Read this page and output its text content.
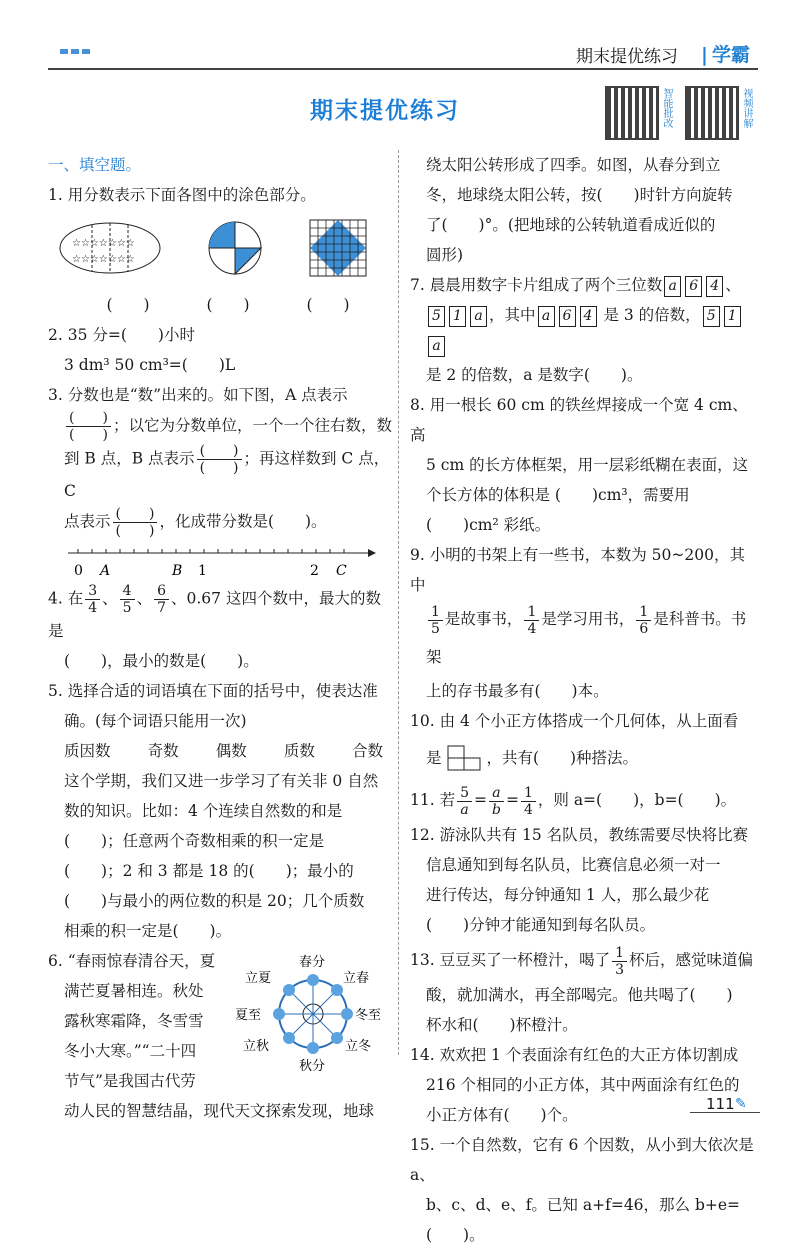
期末提优练习
|	学霸
期末提优练习	智能批改	视频讲解

一、填空题。

1. 用分数表示下面各图中的涂色部分。

☆☆☆☆☆☆☆
☆☆☆☆☆☆☆
(　　)	(　　)	(　　)

2. 35 分=(　　)小时

3 dm³ 50 cm³=(　　)L

3. 分数也是“数”出来的。如下图，A 点表示

$\frac{( )}{( )}$ ；以它为分数单位，一个一个往右数，数

到 B 点，B 点表示 $\frac{( )}{( )}$ ；再这样数到 C 点，C

点表示 $\frac{( )}{( )}$ ，化成带分数是(　　)。

0 A	B 1	2 C

4. 在 $\frac{3}{4}$ 、 $\frac{4}{5}$ 、 $\frac{6}{7}$ 、0.67 这四个数中，最大的数是

(　　)，最小的数是(　　)。

5. 选择合适的词语填在下面的括号中，使表达准

确。(每个词语只能用一次)

质因数 奇数 偶数 质数 合数

这个学期，我们又进一步学习了有关非 0 自然

数的知识。比如：4 个连续自然数的和是

(　　)；任意两个奇数相乘的积一定是

(　　)；2 和 3 都是 18 的(　　)；最小的

(　　)与最小的两位数的积是 20；几个质数

相乘的积一定是(　　)。

6. “春雨惊春清谷天，夏

满芒夏暑相连。秋处

露秋寒霜降，冬雪雪

冬小大寒。”“二十四

节气”是我国古代劳

春分
立春
冬至
立冬
秋分
立秋
夏至
立夏

动人民的智慧结晶，现代天文探索发现，地球

绕太阳公转形成了四季。如图，从春分到立

冬，地球绕太阳公转，按(　　)时针方向旋转

了(　　)°。(把地球的公转轨道看成近似的

圆形)

7. 晨晨用数字卡片组成了两个三位数 a 6 4 、

5 1 a ，其中 a 6 4 是 3 的倍数， 5 1a

是 2 的倍数，a 是数字(　　)。

8. 用一根长 60 cm 的铁丝焊接成一个宽 4 cm、高

5 cm 的长方体框架，用一层彩纸糊在表面，这

个长方体的体积是 (　　)cm³，需要用

(　　)cm² 彩纸。

9. 小明的书架上有一些书，本数为 50~200，其中

$\frac{1}{5}$ 是故事书， $\frac{1}{4}$ 是学习用书， $\frac{1}{6}$ 是科普书。书架

上的存书最多有(　　)本。

10. 由 4 个小正方体搭成一个几何体，从上面看

是	，共有(　　)种搭法。

11. 若 $\frac{5}{a} = \frac{a}{b} = \frac{1}{4}$ ，则 a=(　　)，b=(　　)。

12. 游泳队共有 15 名队员，教练需要尽快将比赛

信息通知到每名队员，比赛信息必须一对一

进行传达，每分钟通知 1 人，那么最少花

(　　)分钟才能通知到每名队员。

13. 豆豆买了一杯橙汁，喝了 $\frac{1}{3}$ 杯后，感觉味道偏

酸，就加满水，再全部喝完。他共喝了(　　)

杯水和(　　)杯橙汁。

14. 欢欢把 1 个表面涂有红色的大正方体切割成

216 个相同的小正方体，其中两面涂有红色的

小正方体有(　　)个。

15. 一个自然数，它有 6 个因数，从小到大依次是 a、

b、c、d、e、f。已知 a+f=46，那么 b+e=(　　)。

111 ✎
